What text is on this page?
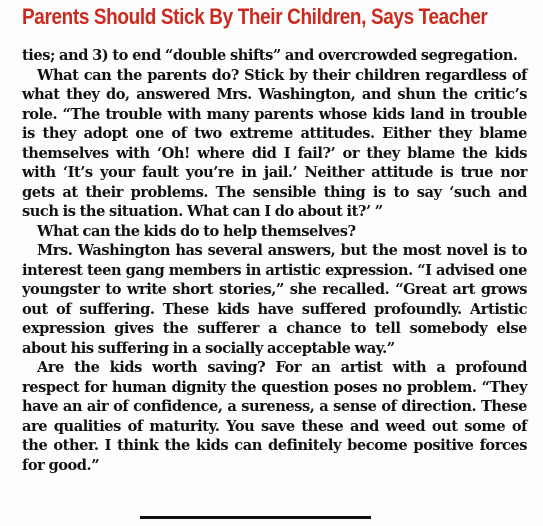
Parents Should Stick By Their Children, Says Teacher

ties; and 3) to end “double shifts” and overcrowded segregation.

What can the parents do? Stick by their children regardless of what they do, answered Mrs. Washington, and shun the critic’s role. “The trouble with many parents whose kids land in trouble is they adopt one of two extreme attitudes. Either they blame themselves with ‘Oh! where did I fail?’ or they blame the kids with ‘It’s your fault you’re in jail.’ Neither attitude is true nor gets at their problems. The sensible thing is to say ‘such and such is the situation. What can I do about it?’ ”

What can the kids do to help themselves?

Mrs. Washington has several answers, but the most novel is to interest teen gang members in artistic expression. “I advised one youngster to write short stories,” she recalled. “Great art grows out of suffering. These kids have suffered profoundly. Artistic expression gives the sufferer a chance to tell somebody else about his suffering in a socially acceptable way.”

Are the kids worth saving? For an artist with a profound respect for human dignity the question poses no problem. “They have an air of confidence, a sureness, a sense of direction. These are qualities of maturity. You save these and weed out some of the other. I think the kids can definitely become positive forces for good.”
